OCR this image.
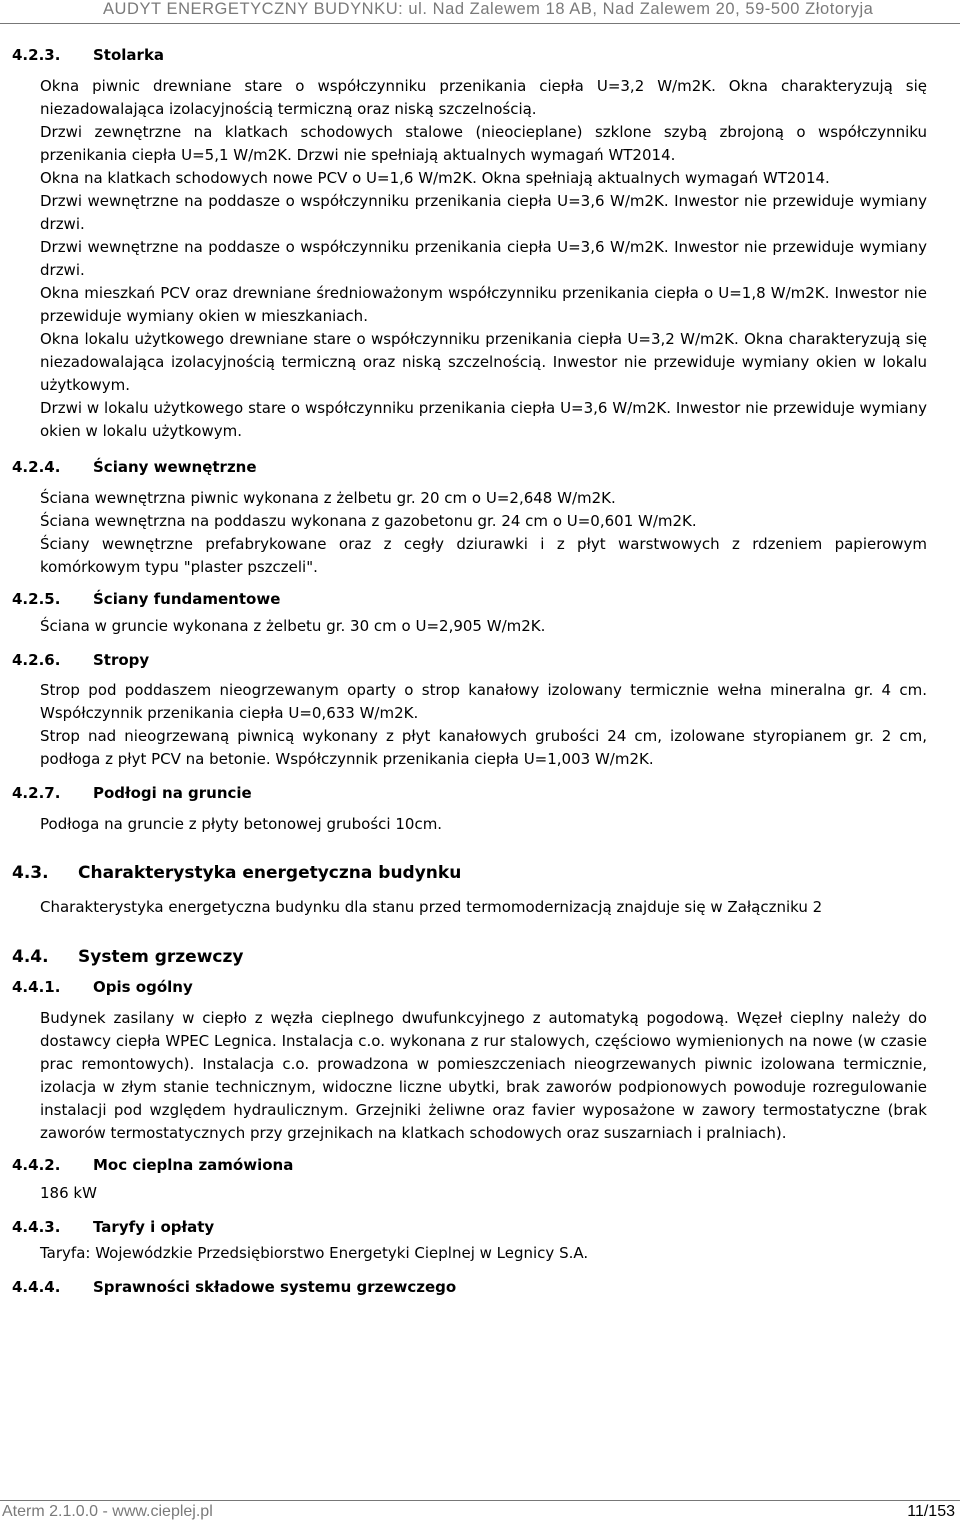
AUDYT ENERGETYCZNY BUDYNKU: ul. Nad Zalewem 18 AB, Nad Zalewem 20, 59-500 Złotoryja
4.2.3. Stolarka

Okna piwnic drewniane stare o współczynniku przenikania ciepła U=3,2 W/m2K. Okna charakteryzują się niezadowalająca izolacyjnością termiczną oraz niską szczelnością.

Drzwi zewnętrzne na klatkach schodowych stalowe (nieocieplane) szklone szybą zbrojoną o współczynniku przenikania ciepła U=5,1 W/m2K. Drzwi nie spełniają aktualnych wymagań WT2014.

Okna na klatkach schodowych nowe PCV o U=1,6 W/m2K. Okna spełniają aktualnych wymagań WT2014.

Drzwi wewnętrzne na poddasze o współczynniku przenikania ciepła U=3,6 W/m2K. Inwestor nie przewiduje wymiany drzwi.

Drzwi wewnętrzne na poddasze o współczynniku przenikania ciepła U=3,6 W/m2K. Inwestor nie przewiduje wymiany drzwi.

Okna mieszkań PCV oraz drewniane średnioważonym współczynniku przenikania ciepła o U=1,8 W/m2K. Inwestor nie przewiduje wymiany okien w mieszkaniach.

Okna lokalu użytkowego drewniane stare o współczynniku przenikania ciepła U=3,2 W/m2K. Okna charakteryzują się niezadowalająca izolacyjnością termiczną oraz niską szczelnością. Inwestor nie przewiduje wymiany okien w lokalu użytkowym.

Drzwi w lokalu użytkowego stare o współczynniku przenikania ciepła U=3,6 W/m2K. Inwestor nie przewiduje wymiany okien w lokalu użytkowym.

4.2.4. Ściany wewnętrzne

Ściana wewnętrzna piwnic wykonana z żelbetu gr. 20 cm o U=2,648 W/m2K.

Ściana wewnętrzna na poddaszu wykonana z gazobetonu gr. 24 cm o U=0,601 W/m2K.

Ściany wewnętrzne prefabrykowane oraz z cegły dziurawki i z płyt warstwowych z rdzeniem papierowym komórkowym typu "plaster pszczeli".

4.2.5. Ściany fundamentowe

Ściana w gruncie wykonana z żelbetu gr. 30 cm o U=2,905 W/m2K.

4.2.6. Stropy

Strop pod poddaszem nieogrzewanym oparty o strop kanałowy izolowany termicznie wełna mineralna gr. 4 cm. Współczynnik przenikania ciepła U=0,633 W/m2K.

Strop nad nieogrzewaną piwnicą wykonany z płyt kanałowych grubości 24 cm, izolowane styropianem gr. 2 cm, podłoga z płyt PCV na betonie. Współczynnik przenikania ciepła U=1,003 W/m2K.

4.2.7. Podłogi na gruncie

Podłoga na gruncie z płyty betonowej grubości 10cm.

4.3. Charakterystyka energetyczna budynku

Charakterystyka energetyczna budynku dla stanu przed termomodernizacją znajduje się w Załączniku 2

4.4. System grzewczy
4.4.1. Opis ogólny

Budynek zasilany w ciepło z węzła cieplnego dwufunkcyjnego z automatyką pogodową. Węzeł cieplny należy do dostawcy ciepła WPEC Legnica. Instalacja c.o. wykonana z rur stalowych, częściowo wymienionych na nowe (w czasie prac remontowych). Instalacja c.o. prowadzona w pomieszczeniach nieogrzewanych piwnic izolowana termicznie, izolacja w złym stanie technicznym, widoczne liczne ubytki, brak zaworów podpionowych powoduje rozregulowanie instalacji pod względem hydraulicznym. Grzejniki żeliwne oraz favier wyposażone w zawory termostatyczne (brak zaworów termostatycznych przy grzejnikach na klatkach schodowych oraz suszarniach i pralniach).

4.4.2. Moc cieplna zamówiona

186 kW

4.4.3. Taryfy i opłaty

Taryfa: Wojewódzkie Przedsiębiorstwo Energetyki Cieplnej w Legnicy S.A.

4.4.4. Sprawności składowe systemu grzewczego
Aterm 2.1.0.0 - www.cieplej.pl	11/153
